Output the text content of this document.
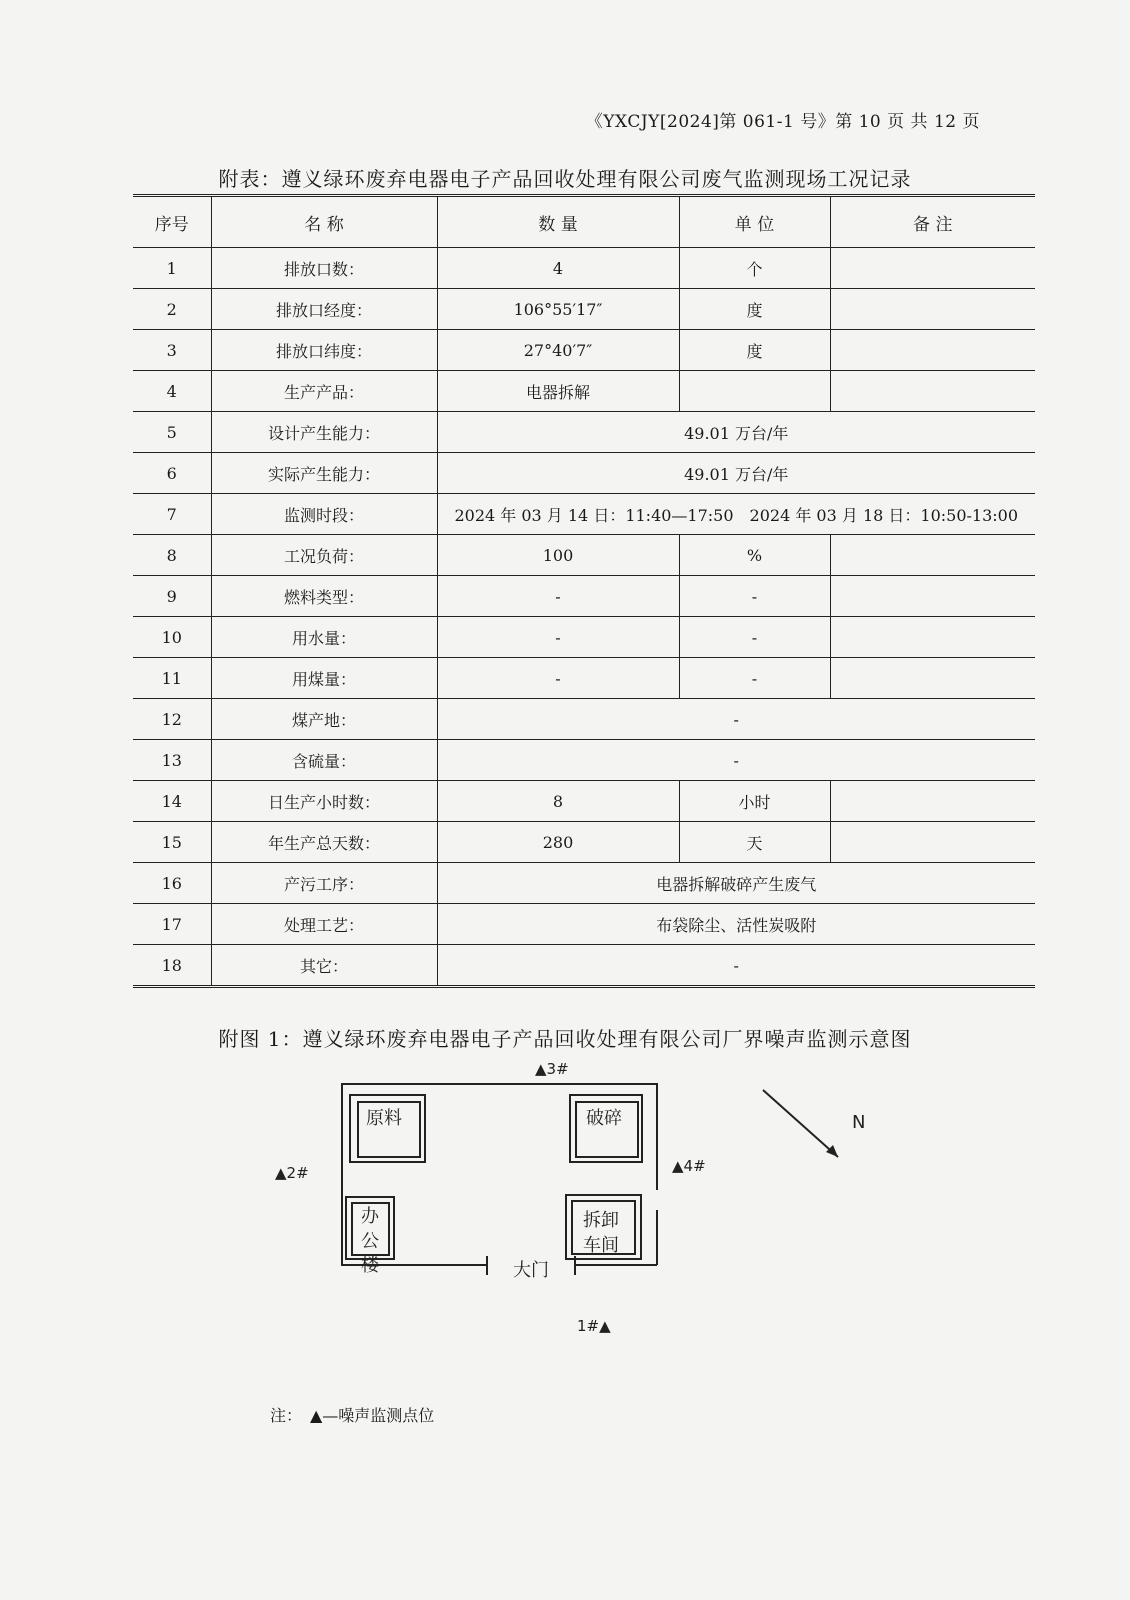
《YXCJY[2024]第 061-1 号》第 10 页 共 12 页
附表：遵义绿环废弃电器电子产品回收处理有限公司废气监测现场工况记录
序号	名 称	数 量	单 位	备 注
1	排放口数：	4	个	
2	排放口经度：	106°55′17″	度	
3	排放口纬度：	27°40′7″	度	
4	生产产品：	电器拆解		
5	设计产生能力：	49.01 万台/年		
6	实际产生能力：	49.01 万台/年		
7	监测时段：	2024 年 03 月 14 日：11:40—17:50　2024 年 03 月 18 日：10:50-13:00		
8	工况负荷：	100	%	
9	燃料类型：	-	-	
10	用水量：	-	-	
11	用煤量：	-	-	
12	煤产地：	-		
13	含硫量：	-		
14	日生产小时数：	8	小时	
15	年生产总天数：	280	天	
16	产污工序：	电器拆解破碎产生废气		
17	处理工艺：	布袋除尘、活性炭吸附		
18	其它：	-		
附图 1：遵义绿环废弃电器电子产品回收处理有限公司厂界噪声监测示意图
原料	破碎
办
公
楼
拆卸
车间
大门
N
▲3#
▲2#	▲4#
1#▲
注：　▲—噪声监测点位
